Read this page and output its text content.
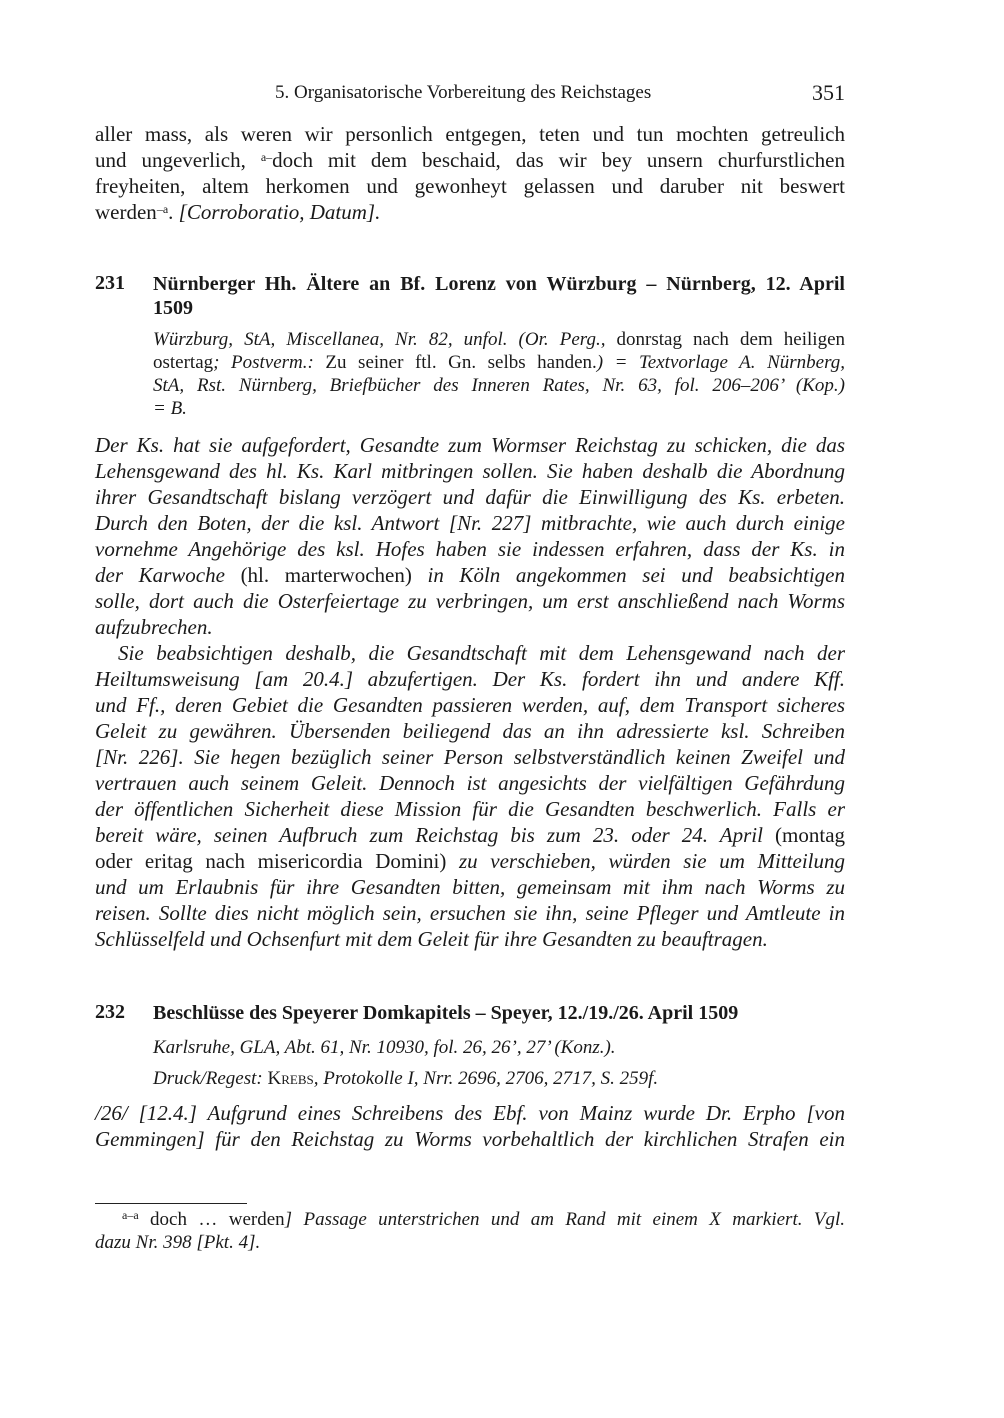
5. Organisatorische Vorbereitung des Reichstages	351
aller mass, als weren wir personlich entgegen, teten und tun mochten getreulich
und ungeverlich, $^{a-}$doch mit dem beschaid, das wir bey unsern churfurstlichen
freyheiten, altem herkomen und gewonheyt gelassen und daruber nit beswert
werden$^{-a}$. [Corroboratio, Datum].
231 Nürnberger Hh. Ältere an Bf. Lorenz von Würzburg – Nürnberg, 12. April
1509
Würzburg, StA, Miscellanea, Nr. 82, unfol. (Or. Perg., donrstag nach dem heiligen
ostertag; Postverm.: Zu seiner ftl. Gn. selbs handen.) = Textvorlage A. Nürnberg,
StA, Rst. Nürnberg, Briefbücher des Inneren Rates, Nr. 63, fol. 206–206’ (Kop.)
= B.
Der Ks. hat sie aufgefordert, Gesandte zum Wormser Reichstag zu schicken, die das
Lehensgewand des hl. Ks. Karl mitbringen sollen. Sie haben deshalb die Abordnung
ihrer Gesandtschaft bislang verzögert und dafür die Einwilligung des Ks. erbeten.
Durch den Boten, der die ksl. Antwort [Nr. 227] mitbrachte, wie auch durch einige
vornehme Angehörige des ksl. Hofes haben sie indessen erfahren, dass der Ks. in
der Karwoche (hl. marterwochen) in Köln angekommen sei und beabsichtigen
solle, dort auch die Osterfeiertage zu verbringen, um erst anschließend nach Worms
aufzubrechen.
Sie beabsichtigen deshalb, die Gesandtschaft mit dem Lehensgewand nach der
Heiltumsweisung [am 20.4.] abzufertigen. Der Ks. fordert ihn und andere Kff.
und Ff., deren Gebiet die Gesandten passieren werden, auf, dem Transport sicheres
Geleit zu gewähren. Übersenden beiliegend das an ihn adressierte ksl. Schreiben
[Nr. 226]. Sie hegen bezüglich seiner Person selbstverständlich keinen Zweifel und
vertrauen auch seinem Geleit. Dennoch ist angesichts der vielfältigen Gefährdung
der öffentlichen Sicherheit diese Mission für die Gesandten beschwerlich. Falls er
bereit wäre, seinen Aufbruch zum Reichstag bis zum 23. oder 24. April (montag
oder eritag nach misericordia Domini) zu verschieben, würden sie um Mitteilung
und um Erlaubnis für ihre Gesandten bitten, gemeinsam mit ihm nach Worms zu
reisen. Sollte dies nicht möglich sein, ersuchen sie ihn, seine Pfleger und Amtleute in
Schlüsselfeld und Ochsenfurt mit dem Geleit für ihre Gesandten zu beauftragen.
232 Beschlüsse des Speyerer Domkapitels – Speyer, 12./19./26. April 1509
Karlsruhe, GLA, Abt. 61, Nr. 10930, fol. 26, 26’, 27’ (Konz.).
Druck/Regest: Krebs, Protokolle I, Nrr. 2696, 2706, 2717, S. 259f.
/26/ [12.4.] Aufgrund eines Schreibens des Ebf. von Mainz wurde Dr. Erpho [von
Gemmingen] für den Reichstag zu Worms vorbehaltlich der kirchlichen Strafen ein
$^{a-a}$ doch … werden] Passage unterstrichen und am Rand mit einem X markiert. Vgl.
dazu Nr. 398 [Pkt. 4].
